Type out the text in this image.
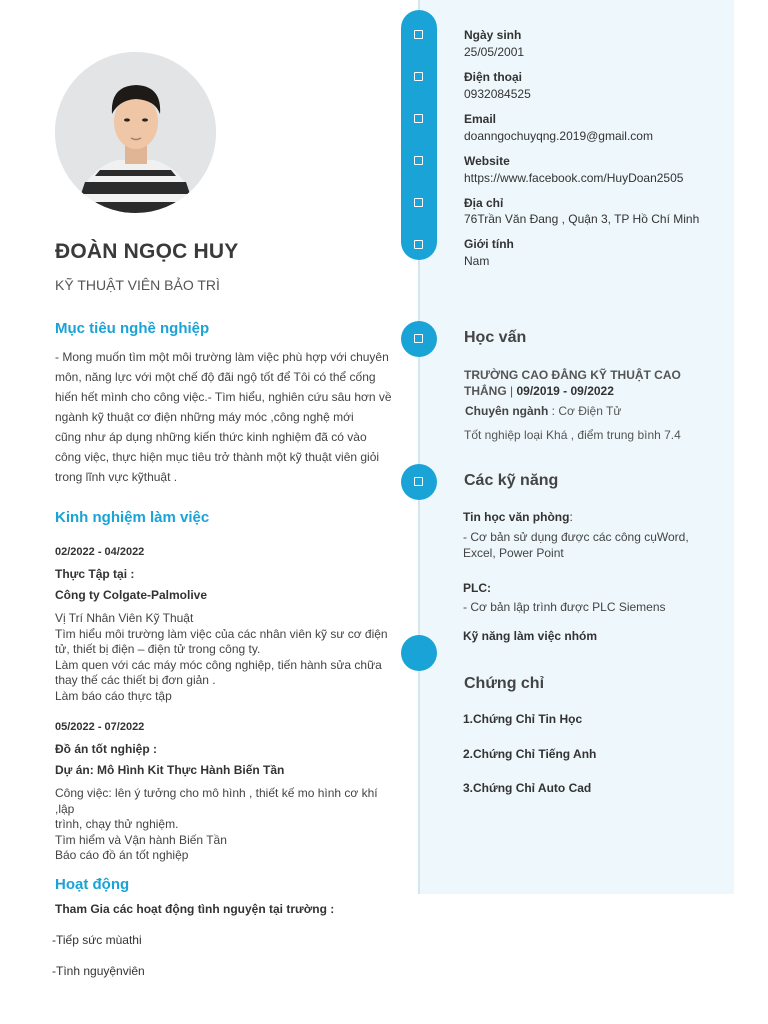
ĐOÀN NGỌC HUY
KỸ THUẬT VIÊN BẢO TRÌ
Mục tiêu nghề nghiệp
- Mong muốn tìm một môi trường làm việc phù hợp với chuyên
môn, năng lực với một chế độ đãi ngộ tốt để Tôi có thể cống
hiến hết mình cho công việc.- Tìm hiểu, nghiên cứu sâu hơn về
ngành kỹ thuật cơ điện những máy móc ,công nghệ mới
cũng như áp dụng những kiến thức kinh nghiệm đã có vào
công việc, thực hiện mục tiêu trở thành một kỹ thuật viên giỏi
trong lĩnh vực kỹthuật .
Kinh nghiệm làm việc
02/2022 - 04/2022
Thực Tập tại :
Công ty Colgate-Palmolive
Vị Trí Nhân Viên Kỹ Thuật
Tìm hiểu môi trường làm việc của các nhân viên kỹ sư cơ điện
tử, thiết bị điện – điện tử trong công ty.
Làm quen với các máy móc công nghiệp, tiến hành sửa chữa
thay thế các thiết bị đơn giản .
Làm báo cáo thực tập
05/2022 - 07/2022
Đồ án tốt nghiệp :
Dự án: Mô Hình Kit Thực Hành Biến Tần
Công việc: lên ý tưởng cho mô hình , thiết kế mo hình cơ khí ,lập
trình, chạy thử nghiệm.
Tìm hiểm và Vận hành Biến Tần
Báo cáo đồ án tốt nghiệp
Hoạt động
Tham Gia các hoạt động tình nguyện tại trường :
-Tiếp sức mùathi
-Tình nguyệnviên
Ngày sinh
25/05/2001
Điện thoại
0932084525
Email
doanngochuyqng.2019@gmail.com
Website
https://www.facebook.com/HuyDoan2505
Địa chỉ
76Trần Văn Đang , Quận 3, TP Hồ Chí Minh
Giới tính
Nam
Học vấn
TRƯỜNG CAO ĐẲNG KỸ THUẬT CAO
THẮNG | 09/2019 - 09/2022
Chuyên ngành : Cơ Điện Tử
Tốt nghiệp loại Khá , điểm trung bình 7.4
Các kỹ năng
Tin học văn phòng:
- Cơ bản sử dụng được các công cụWord,
Excel, Power Point
PLC:
- Cơ bản lập trình được PLC Siemens
Kỹ năng làm việc nhóm
Chứng chỉ
1.Chứng Chỉ Tin Học
2.Chứng Chỉ Tiếng Anh
3.Chứng Chỉ Auto Cad
